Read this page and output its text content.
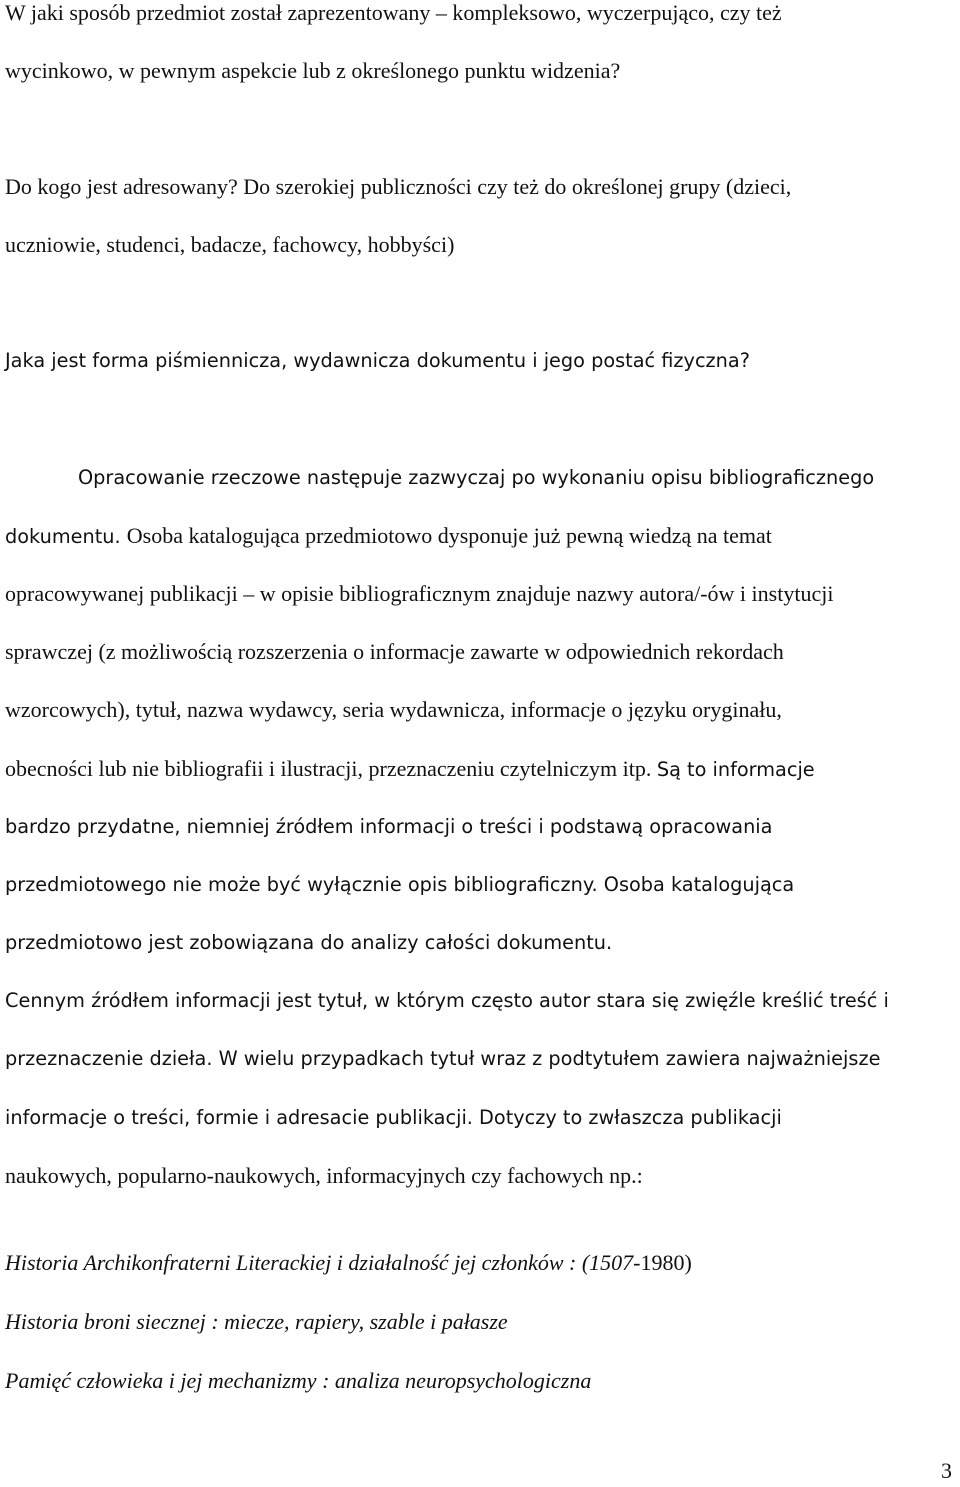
W jaki sposób przedmiot został zaprezentowany – kompleksowo, wyczerpująco, czy też
wycinkowo, w pewnym aspekcie lub z określonego punktu widzenia?
Do kogo jest adresowany? Do szerokiej publiczności czy też do określonej grupy (dzieci,
uczniowie, studenci, badacze, fachowcy, hobbyści)
Jaka jest forma piśmiennicza, wydawnicza dokumentu i jego postać fizyczna?
Opracowanie rzeczowe następuje zazwyczaj po wykonaniu opisu bibliograficznego
dokumentu. Osoba katalogująca przedmiotowo dysponuje już pewną wiedzą na temat
opracowywanej publikacji – w opisie bibliograficznym znajduje nazwy autora/-ów i instytucji
sprawczej (z możliwością rozszerzenia o informacje zawarte w odpowiednich rekordach
wzorcowych), tytuł, nazwa wydawcy, seria wydawnicza, informacje o języku oryginału,
obecności lub nie bibliografii i ilustracji, przeznaczeniu czytelniczym itp. Są to informacje
bardzo przydatne, niemniej źródłem informacji o treści i podstawą opracowania
przedmiotowego nie może być wyłącznie opis bibliograficzny. Osoba katalogująca
przedmiotowo jest zobowiązana do analizy całości dokumentu.
Cennym źródłem informacji jest tytuł, w którym często autor stara się zwięźle kreślić treść i
przeznaczenie dzieła. W wielu przypadkach tytuł wraz z podtytułem zawiera najważniejsze
informacje o treści, formie i adresacie publikacji. Dotyczy to zwłaszcza publikacji
naukowych, popularno-naukowych, informacyjnych czy fachowych np.:
Historia Archikonfraterni Literackiej i działalność jej członków : (1507-1980)
Historia broni siecznej : miecze, rapiery, szable i pałasze
Pamięć człowieka i jej mechanizmy : analiza neuropsychologiczna
3
